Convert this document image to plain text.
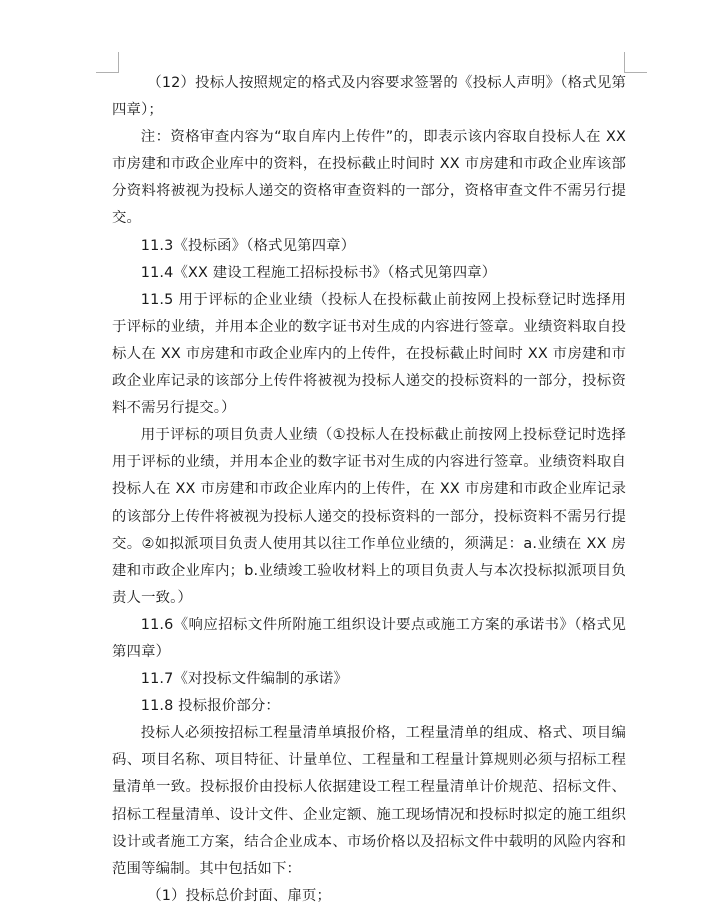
（12）投标人按照规定的格式及内容要求签署的《投标人声明》（格式见第四章）；

注：资格审查内容为“取自库内上传件”的，即表示该内容取自投标人在 XX 市房建和市政企业库中的资料，在投标截止时间时 XX 市房建和市政企业库该部分资料将被视为投标人递交的资格审查资料的一部分，资格审查文件不需另行提交。

11.3《投标函》（格式见第四章）

11.4《XX 建设工程施工招标投标书》（格式见第四章）

11.5 用于评标的企业业绩（投标人在投标截止前按网上投标登记时选择用于评标的业绩，并用本企业的数字证书对生成的内容进行签章。业绩资料取自投标人在 XX 市房建和市政企业库内的上传件，在投标截止时间时 XX 市房建和市政企业库记录的该部分上传件将被视为投标人递交的投标资料的一部分，投标资料不需另行提交。）

用于评标的项目负责人业绩（①投标人在投标截止前按网上投标登记时选择用于评标的业绩，并用本企业的数字证书对生成的内容进行签章。业绩资料取自投标人在 XX 市房建和市政企业库内的上传件，在 XX 市房建和市政企业库记录的该部分上传件将被视为投标人递交的投标资料的一部分，投标资料不需另行提交。②如拟派项目负责人使用其以往工作单位业绩的，须满足：a.业绩在 XX 房建和市政企业库内；b.业绩竣工验收材料上的项目负责人与本次投标拟派项目负责人一致。）

11.6《响应招标文件所附施工组织设计要点或施工方案的承诺书》（格式见第四章）

11.7《对投标文件编制的承诺》

11.8 投标报价部分：

投标人必须按招标工程量清单填报价格，工程量清单的组成、格式、项目编码、项目名称、项目特征、计量单位、工程量和工程量计算规则必须与招标工程量清单一致。投标报价由投标人依据建设工程工程量清单计价规范、招标文件、招标工程量清单、设计文件、企业定额、施工现场情况和投标时拟定的施工组织设计或者施工方案，结合企业成本、市场价格以及招标文件中载明的风险内容和范围等编制。其中包括如下：

（1）投标总价封面、扉页；
